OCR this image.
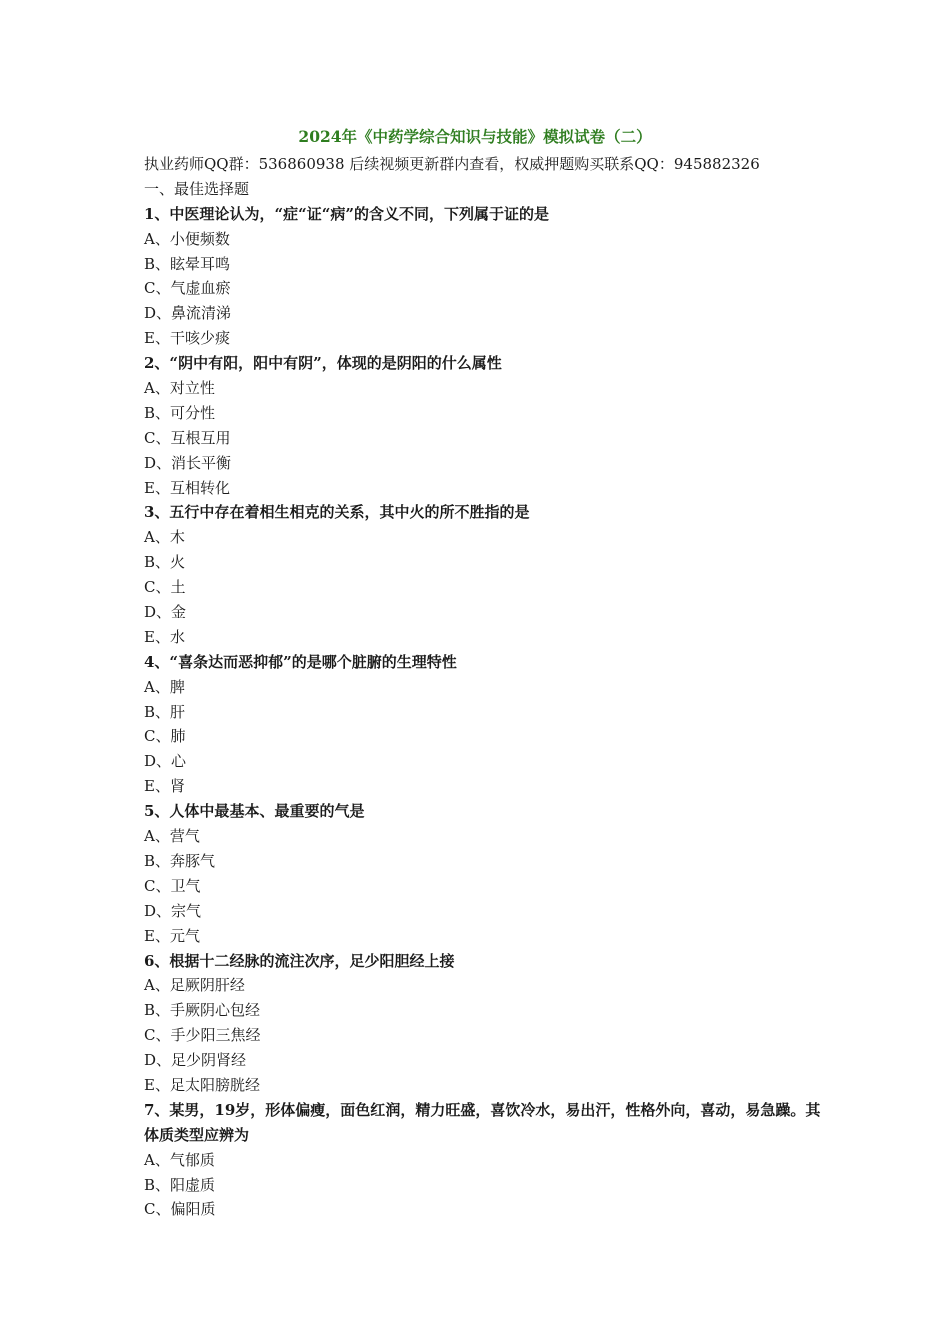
2024年《中药学综合知识与技能》模拟试卷（二）
执业药师QQ群：536860938 后续视频更新群内查看，权威押题购买联系QQ：945882326
一、最佳选择题
1、中医理论认为，“症“证“病”的含义不同，下列属于证的是
A、小便频数
B、眩晕耳鸣
C、气虚血瘀
D、鼻流清涕
E、干咳少痰
2、“阴中有阳，阳中有阴”，体现的是阴阳的什么属性
A、对立性
B、可分性
C、互根互用
D、消长平衡
E、互相转化
3、五行中存在着相生相克的关系，其中火的所不胜指的是
A、木
B、火
C、土
D、金
E、水
4、“喜条达而恶抑郁”的是哪个脏腑的生理特性
A、脾
B、肝
C、肺
D、心
E、肾
5、人体中最基本、最重要的气是
A、营气
B、奔豚气
C、卫气
D、宗气
E、元气
6、根据十二经脉的流注次序，足少阳胆经上接
A、足厥阴肝经
B、手厥阴心包经
C、手少阳三焦经
D、足少阴肾经
E、足太阳膀胱经
7、某男，19岁，形体偏瘦，面色红润，精力旺盛，喜饮冷水，易出汗，性格外向，喜动，易急躁。其体质类型应辨为
A、气郁质
B、阳虚质
C、偏阳质
